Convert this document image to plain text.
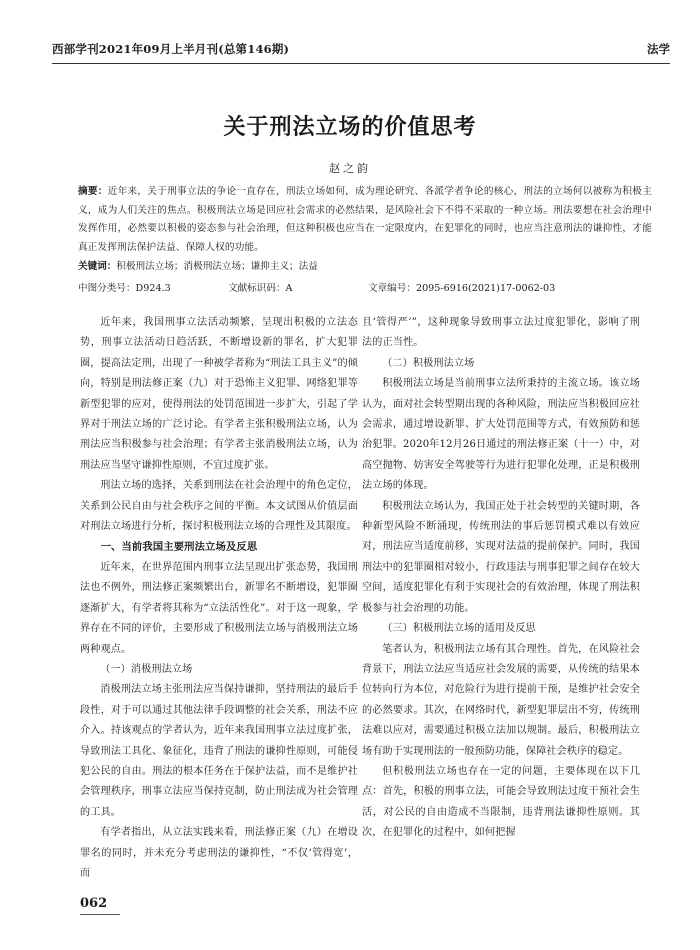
西部学刊2021年09月上半月刊(总第146期)	法学
关于刑法立场的价值思考
赵之韵
摘要：近年来，关于刑事立法的争论一直存在，刑法立场如何，成为理论研究、各派学者争论的核心，刑法的立场何以被称为积极主义，成为人们关注的焦点。积极刑法立场是回应社会需求的必然结果，是风险社会下不得不采取的一种立场。刑法要想在社会治理中发挥作用，必然要以积极的姿态参与社会治理，但这种积极也应当在一定限度内，在犯罪化的同时，也应当注意刑法的谦抑性，才能真正发挥刑法保护法益、保障人权的功能。
关键词：积极刑法立场；消极刑法立场；谦抑主义；法益
中图分类号：D924.3	文献标识码：A	文章编号：2095-6916(2021)17-0062-03

近年来，我国刑事立法活动频繁，呈现出积极的立法态势，刑事立法活动日趋活跃，不断增设新的罪名，扩大犯罪圈，提高法定刑，出现了一种被学者称为“刑法工具主义”的倾向，特别是刑法修正案（九）对于恐怖主义犯罪、网络犯罪等新型犯罪的应对，使得刑法的处罚范围进一步扩大，引起了学界对于刑法立场的广泛讨论。有学者主张积极刑法立场，认为刑法应当积极参与社会治理；有学者主张消极刑法立场，认为刑法应当坚守谦抑性原则，不宜过度扩张。

刑法立场的选择，关系到刑法在社会治理中的角色定位，关系到公民自由与社会秩序之间的平衡。本文试图从价值层面对刑法立场进行分析，探讨积极刑法立场的合理性及其限度。

一、当前我国主要刑法立场及反思

近年来，在世界范围内刑事立法呈现出扩张态势，我国刑法也不例外，刑法修正案频繁出台，新罪名不断增设，犯罪圈逐渐扩大，有学者将其称为“立法活性化”。对于这一现象，学界存在不同的评价，主要形成了积极刑法立场与消极刑法立场两种观点。

（一）消极刑法立场

消极刑法立场主张刑法应当保持谦抑，坚持刑法的最后手段性，对于可以通过其他法律手段调整的社会关系，刑法不应介入。持该观点的学者认为，近年来我国刑事立法过度扩张，导致刑法工具化、象征化，违背了刑法的谦抑性原则，可能侵犯公民的自由。刑法的根本任务在于保护法益，而不是维护社会管理秩序，刑事立法应当保持克制，防止刑法成为社会管理的工具。

有学者指出，从立法实践来看，刑法修正案（九）在增设罪名的同时，并未充分考虑刑法的谦抑性，“不仅‘管得宽’，而

且‘管得严’”，这种现象导致刑事立法过度犯罪化，影响了刑法的正当性。

（二）积极刑法立场

积极刑法立场是当前刑事立法所秉持的主流立场。该立场认为，面对社会转型期出现的各种风险，刑法应当积极回应社会需求，通过增设新罪、扩大处罚范围等方式，有效预防和惩治犯罪。2020年12月26日通过的刑法修正案（十一）中，对高空抛物、妨害安全驾驶等行为进行犯罪化处理，正是积极刑法立场的体现。

积极刑法立场认为，我国正处于社会转型的关键时期，各种新型风险不断涌现，传统刑法的事后惩罚模式难以有效应对，刑法应当适度前移，实现对法益的提前保护。同时，我国刑法中的犯罪圈相对较小，行政违法与刑事犯罪之间存在较大空间，适度犯罪化有利于实现社会的有效治理，体现了刑法积极参与社会治理的功能。

（三）积极刑法立场的适用及反思

笔者认为，积极刑法立场有其合理性。首先，在风险社会背景下，刑法立法应当适应社会发展的需要，从传统的结果本位转向行为本位，对危险行为进行提前干预，是维护社会安全的必然要求。其次，在网络时代，新型犯罪层出不穷，传统刑法难以应对，需要通过积极立法加以规制。最后，积极刑法立场有助于实现刑法的一般预防功能，保障社会秩序的稳定。

但积极刑法立场也存在一定的问题，主要体现在以下几点：首先，积极的刑事立法，可能会导致刑法过度干预社会生活，对公民的自由造成不当限制，违背刑法谦抑性原则。其次，在犯罪化的过程中，如何把握

062
